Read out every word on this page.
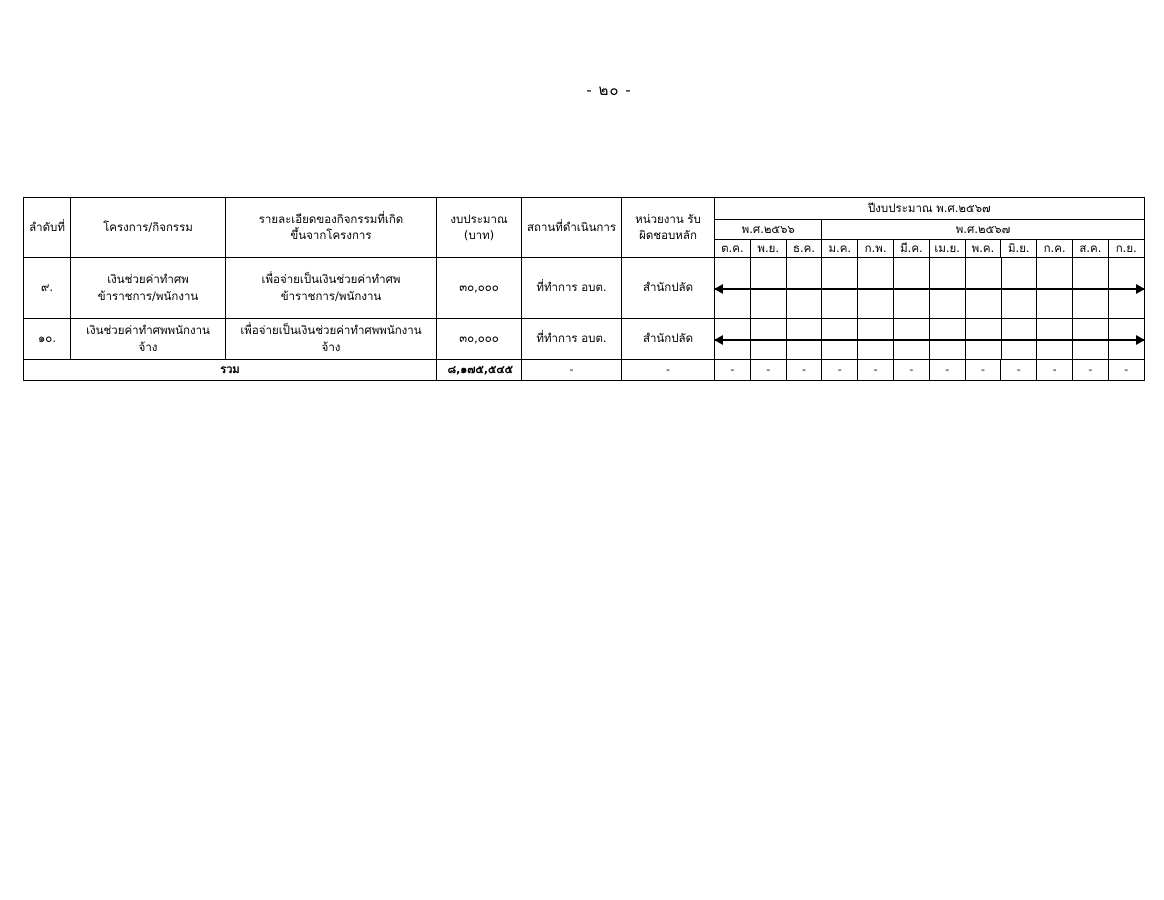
- ๒๐ -
ลำดับที่	โครงการ/กิจกรรม	รายละเอียดของกิจกรรมที่เกิดขึ้นจากโครงการ	งบประมาณ (บาท)	สถานที่ดำเนินการ	หน่วยงาน รับผิดชอบหลัก	ปีงบประมาณ พ.ศ.๒๕๖๗											
						พ.ศ.๒๕๖๖			พ.ศ.๒๕๖๗								
						ต.ค.	พ.ย.	ธ.ค.	ม.ค.	ก.พ.	มี.ค.	เม.ย.	พ.ค.	มิ.ย.	ก.ค.	ส.ค.	ก.ย.
๙.	เงินช่วยค่าทำศพข้าราชการ/พนักงาน	เพื่อจ่ายเป็นเงินช่วยค่าทำศพข้าราชการ/พนักงาน	๓๐,๐๐๐	ที่ทำการ อบต.	สำนักปลัด												

๑๐.	เงินช่วยค่าทำศพพนักงานจ้าง	เพื่อจ่ายเป็นเงินช่วยค่าทำศพพนักงานจ้าง	๓๐,๐๐๐	ที่ทำการ อบต.	สำนักปลัด												

รวม			๘,๑๗๕,๕๔๕	-	-	-	-	-	-	-	-	-	-	-	-	-	-
